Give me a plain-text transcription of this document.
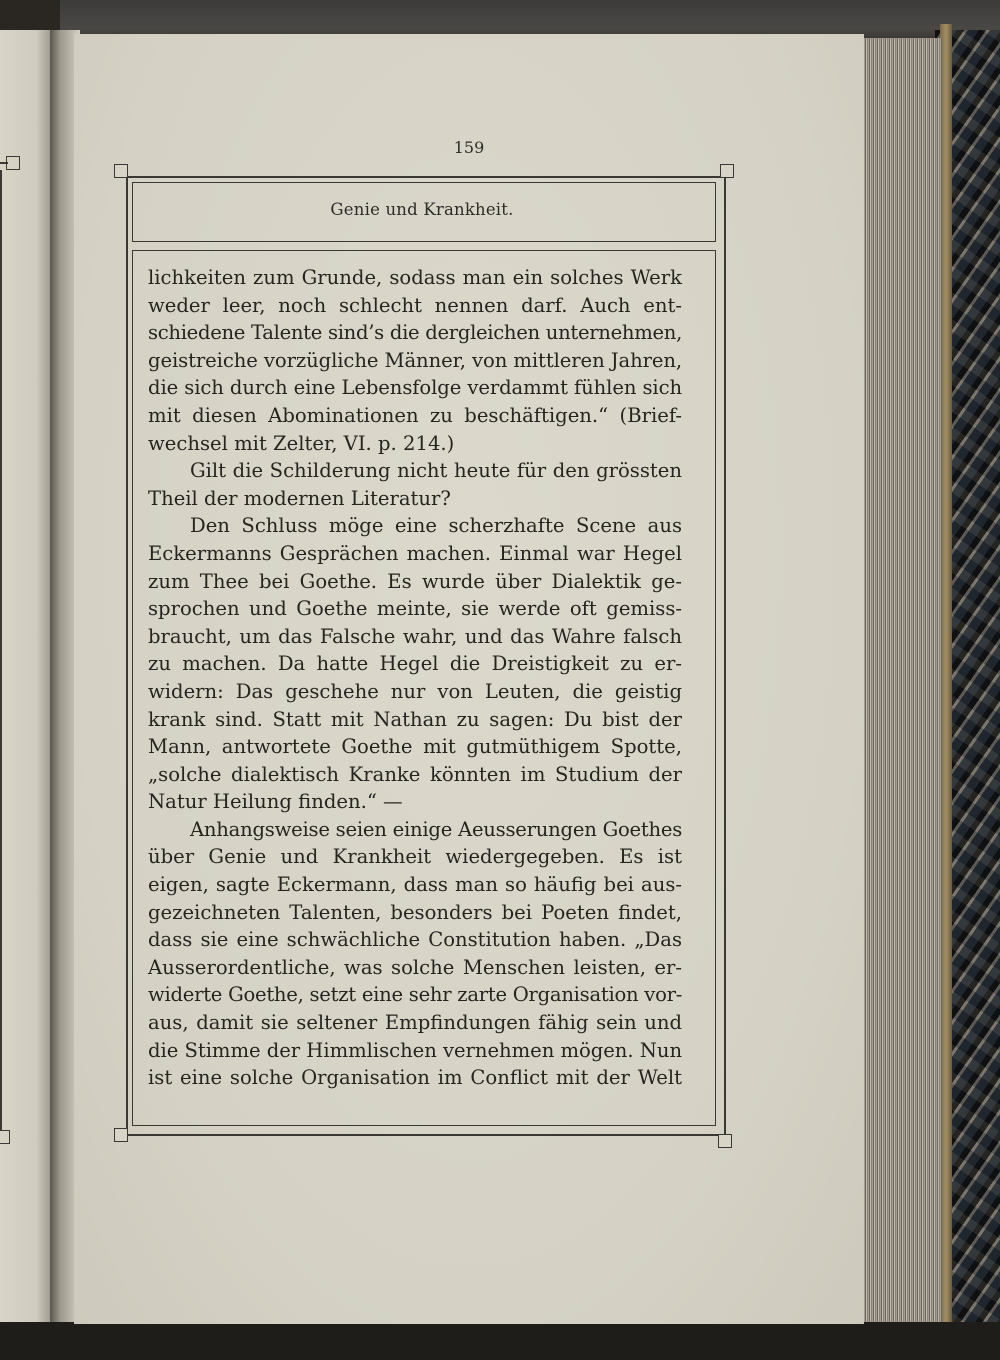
159
Genie und Krankheit.
lichkeiten zum Grunde, sodass man ein solches Werk
weder leer, noch schlecht nennen darf. Auch ent-
schiedene Talente sind’s die dergleichen unternehmen,
geistreiche vorzügliche Männer, von mittleren Jahren,
die sich durch eine Lebensfolge verdammt fühlen sich
mit diesen Abominationen zu beschäftigen.“ (Brief-
wechsel mit Zelter, VI. p. 214.)
Gilt die Schilderung nicht heute für den grössten
Theil der modernen Literatur?
Den Schluss möge eine scherzhafte Scene aus
Eckermanns Gesprächen machen. Einmal war Hegel
zum Thee bei Goethe. Es wurde über Dialektik ge-
sprochen und Goethe meinte, sie werde oft gemiss-
braucht, um das Falsche wahr, und das Wahre falsch
zu machen. Da hatte Hegel die Dreistigkeit zu er-
widern: Das geschehe nur von Leuten, die geistig
krank sind. Statt mit Nathan zu sagen: Du bist der
Mann, antwortete Goethe mit gutmüthigem Spotte,
„solche dialektisch Kranke könnten im Studium der
Natur Heilung finden.“ —
Anhangsweise seien einige Aeusserungen Goethes
über Genie und Krankheit wiedergegeben. Es ist
eigen, sagte Eckermann, dass man so häufig bei aus-
gezeichneten Talenten, besonders bei Poeten findet,
dass sie eine schwächliche Constitution haben. „Das
Ausserordentliche, was solche Menschen leisten, er-
widerte Goethe, setzt eine sehr zarte Organisation vor-
aus, damit sie seltener Empfindungen fähig sein und
die Stimme der Himmlischen vernehmen mögen. Nun
ist eine solche Organisation im Conflict mit der Welt
